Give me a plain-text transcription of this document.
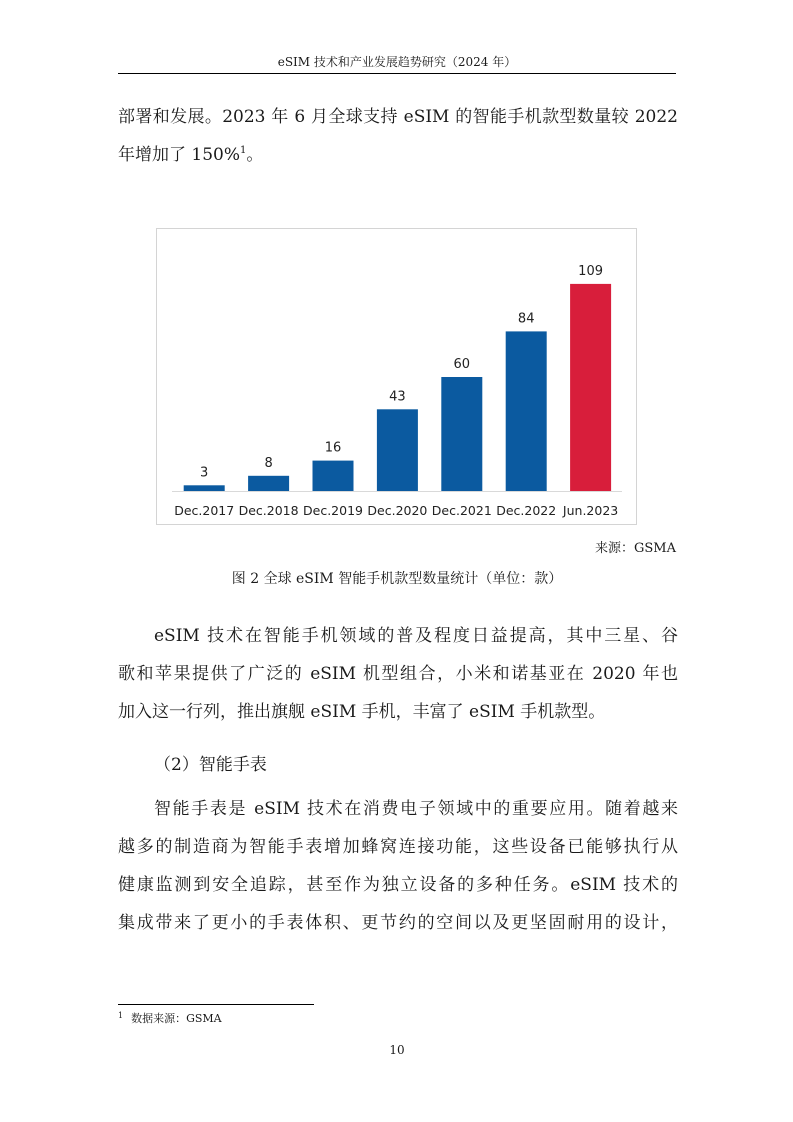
eSIM 技术和产业发展趋势研究（2024 年）

部署和发展。2023 年 6 月全球支持 eSIM 的智能手机款型数量较 2022
年增加了 150%$^1$。

3
Dec.2017
8
Dec.2018
16
Dec.2019
43
Dec.2020
60
Dec.2021
84
Dec.2022
109
Jun.2023
来源：GSMA
图 2 全球 eSIM 智能手机款型数量统计（单位：款）

eSIM 技术在智能手机领域的普及程度日益提高，其中三星、谷
歌和苹果提供了广泛的 eSIM 机型组合，小米和诺基亚在 2020 年也
加入这一行列，推出旗舰 eSIM 手机，丰富了 eSIM 手机款型。

（2）智能手表

智能手表是 eSIM 技术在消费电子领域中的重要应用。随着越来
越多的制造商为智能手表增加蜂窝连接功能，这些设备已能够执行从
健康监测到安全追踪，甚至作为独立设备的多种任务。eSIM 技术的
集成带来了更小的手表体积、更节约的空间以及更坚固耐用的设计，

$^1$ 数据来源：GSMA
10
